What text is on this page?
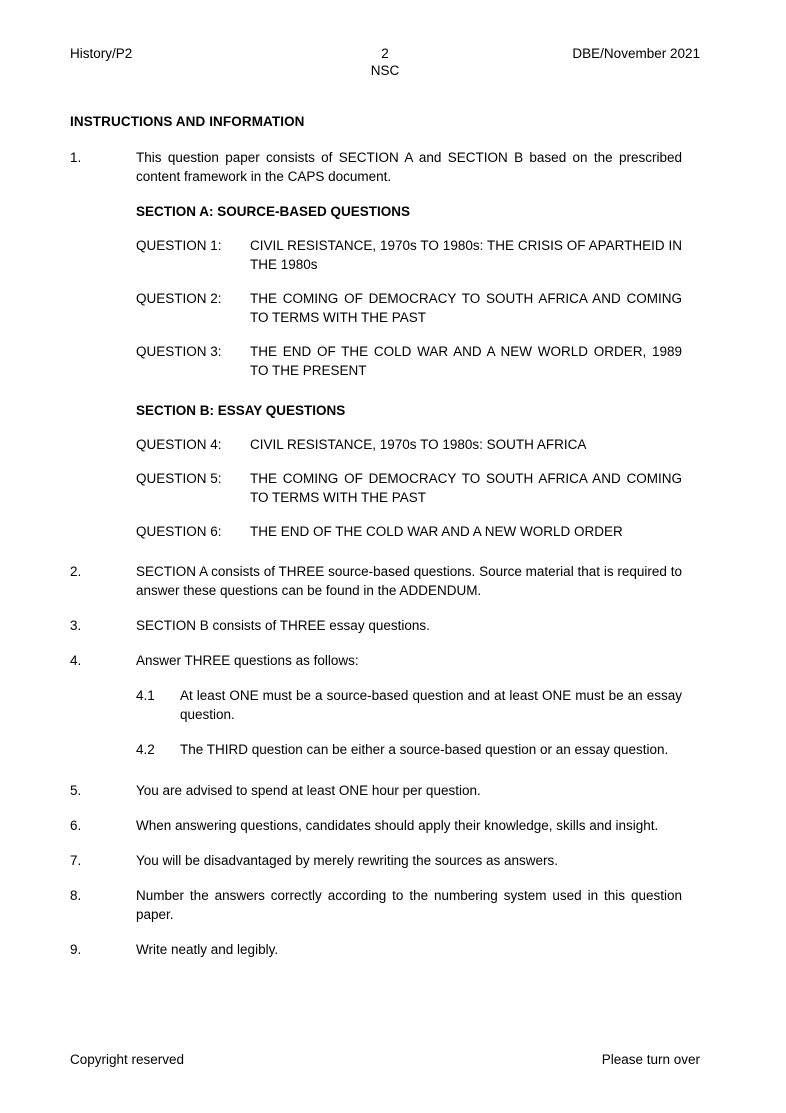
History/P2	2
NSC
DBE/November 2021
INSTRUCTIONS AND INFORMATION
1.	This question paper consists of SECTION A and SECTION B based on the prescribed content framework in the CAPS document.
SECTION A: SOURCE-BASED QUESTIONS
QUESTION 1:	CIVIL RESISTANCE, 1970s TO 1980s: THE CRISIS OF APARTHEID IN THE 1980s
QUESTION 2:	THE COMING OF DEMOCRACY TO SOUTH AFRICA AND COMING TO TERMS WITH THE PAST
QUESTION 3:	THE END OF THE COLD WAR AND A NEW WORLD ORDER, 1989 TO THE PRESENT
SECTION B: ESSAY QUESTIONS
QUESTION 4:	CIVIL RESISTANCE, 1970s TO 1980s: SOUTH AFRICA
QUESTION 5:	THE COMING OF DEMOCRACY TO SOUTH AFRICA AND COMING TO TERMS WITH THE PAST
QUESTION 6:	THE END OF THE COLD WAR AND A NEW WORLD ORDER
2.	SECTION A consists of THREE source-based questions. Source material that is required to answer these questions can be found in the ADDENDUM.
3.	SECTION B consists of THREE essay questions.
4.	Answer THREE questions as follows:
4.1	At least ONE must be a source-based question and at least ONE must be an essay question.
4.2	The THIRD question can be either a source-based question or an essay question.
5.	You are advised to spend at least ONE hour per question.
6.	When answering questions, candidates should apply their knowledge, skills and insight.
7.	You will be disadvantaged by merely rewriting the sources as answers.
8.	Number the answers correctly according to the numbering system used in this question paper.
9.	Write neatly and legibly.
Copyright reserved	Please turn over
